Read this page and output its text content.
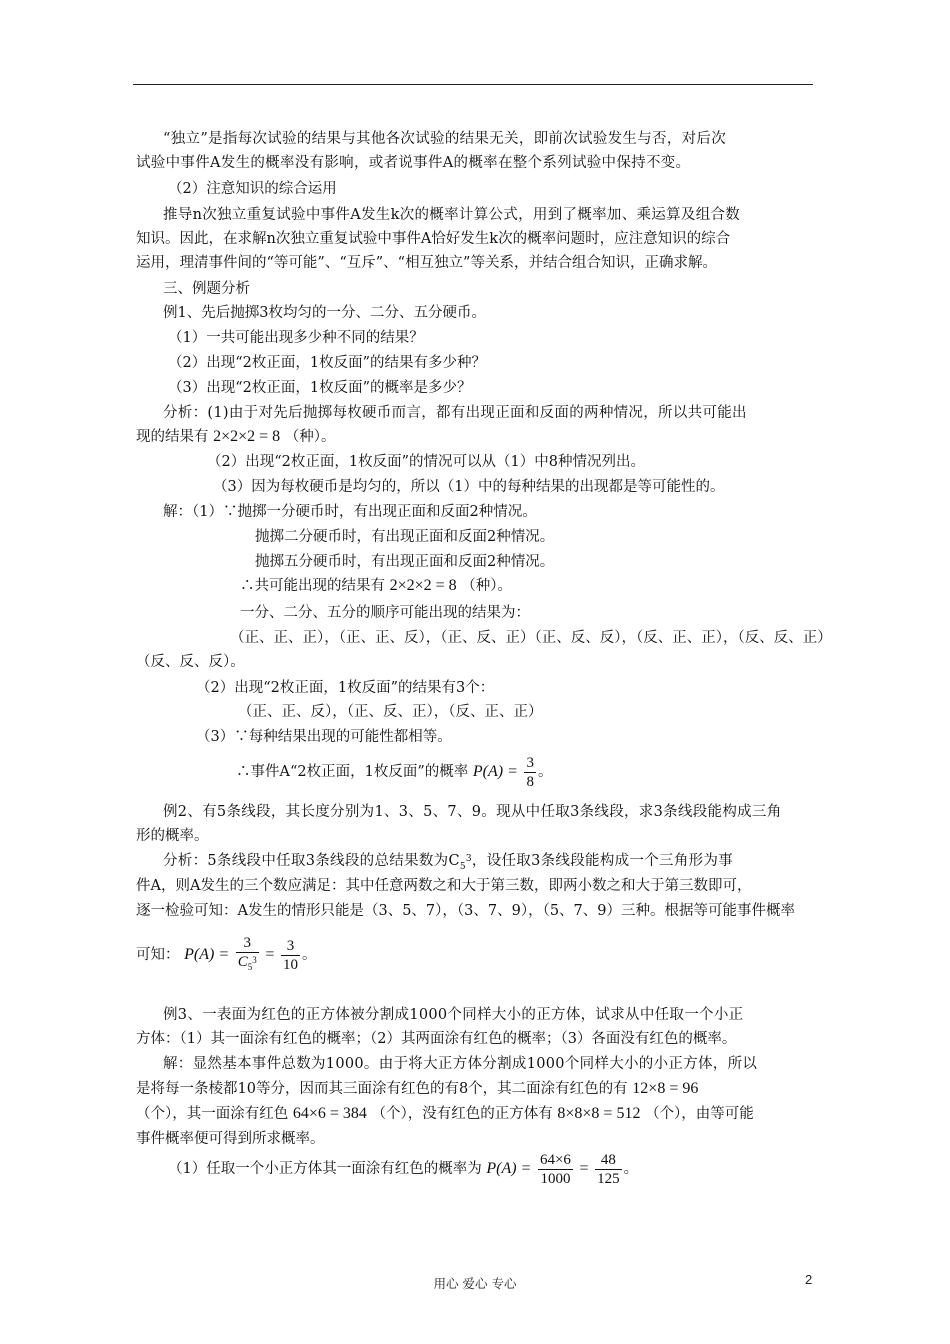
“独立”是指每次试验的结果与其他各次试验的结果无关，即前次试验发生与否，对后次
试验中事件A发生的概率没有影响，或者说事件A的概率在整个系列试验中保持不变。
（2）注意知识的综合运用
推导n次独立重复试验中事件A发生k次的概率计算公式，用到了概率加、乘运算及组合数
知识。因此，在求解n次独立重复试验中事件A恰好发生k次的概率问题时，应注意知识的综合
运用，理清事件间的“等可能”、“互斥”、“相互独立”等关系，并结合组合知识，正确求解。
三、例题分析
例1、先后抛掷3枚均匀的一分、二分、五分硬币。
（1）一共可能出现多少种不同的结果？
（2）出现“2枚正面，1枚反面”的结果有多少种？
（3）出现“2枚正面，1枚反面”的概率是多少？
分析：(1)由于对先后抛掷每枚硬币而言，都有出现正面和反面的两种情况，所以共可能出
现的结果有 2×2×2 = 8 （种）。
（2）出现“2枚正面，1枚反面”的情况可以从（1）中8种情况列出。
（3）因为每枚硬币是均匀的，所以（1）中的每种结果的出现都是等可能性的。
解：（1）∵抛掷一分硬币时，有出现正面和反面2种情况。
抛掷二分硬币时，有出现正面和反面2种情况。
抛掷五分硬币时，有出现正面和反面2种情况。
∴共可能出现的结果有 2×2×2 = 8 （种）。
一分、二分、五分的顺序可能出现的结果为：
（正、正、正），（正、正、反），（正、反、正）（正、反、反），（反、正、正），（反、反、正）
（反、反、反）。
（2）出现“2枚正面，1枚反面”的结果有3个：
（正、正、反），（正、反、正），（反、正、正）
（3）∵每种结果出现的可能性都相等。
∴事件A“2枚正面，1枚反面”的概率 $P(A) = \frac{3}{8}$ 。
例2、有5条线段，其长度分别为1、3、5、7、9。现从中任取3条线段，求3条线段能构成三角
形的概率。
分析：5条线段中任取3条线段的总结果数为$C_5^3$，设任取3条线段能构成一个三角形为事
件A，则A发生的三个数应满足：其中任意两数之和大于第三数，即两小数之和大于第三数即可，
逐一检验可知：A发生的情形只能是（3、5、7），（3、7、9），（5、7、9）三种。根据等可能事件概率
可知： $P(A) = \frac{3}{C_5^3} = \frac{3}{10}$ 。
例3、一表面为红色的正方体被分割成1000个同样大小的正方体，试求从中任取一个小正
方体：（1）其一面涂有红色的概率；（2）其两面涂有红色的概率；（3）各面没有红色的概率。
解：显然基本事件总数为1000。由于将大正方体分割成1000个同样大小的小正方体，所以
是将每一条棱都10等分，因而其三面涂有红色的有8个，其二面涂有红色的有 12×8 = 96
（个），其一面涂有红色 64×6 = 384 （个），没有红色的正方体有 8×8×8 = 512 （个），由等可能
事件概率便可得到所求概率。
（1）任取一个小正方体其一面涂有红色的概率为 $P(A) = \frac{64\times 6}{1000} = \frac{48}{125}$ 。
用心 爱心 专心	2
